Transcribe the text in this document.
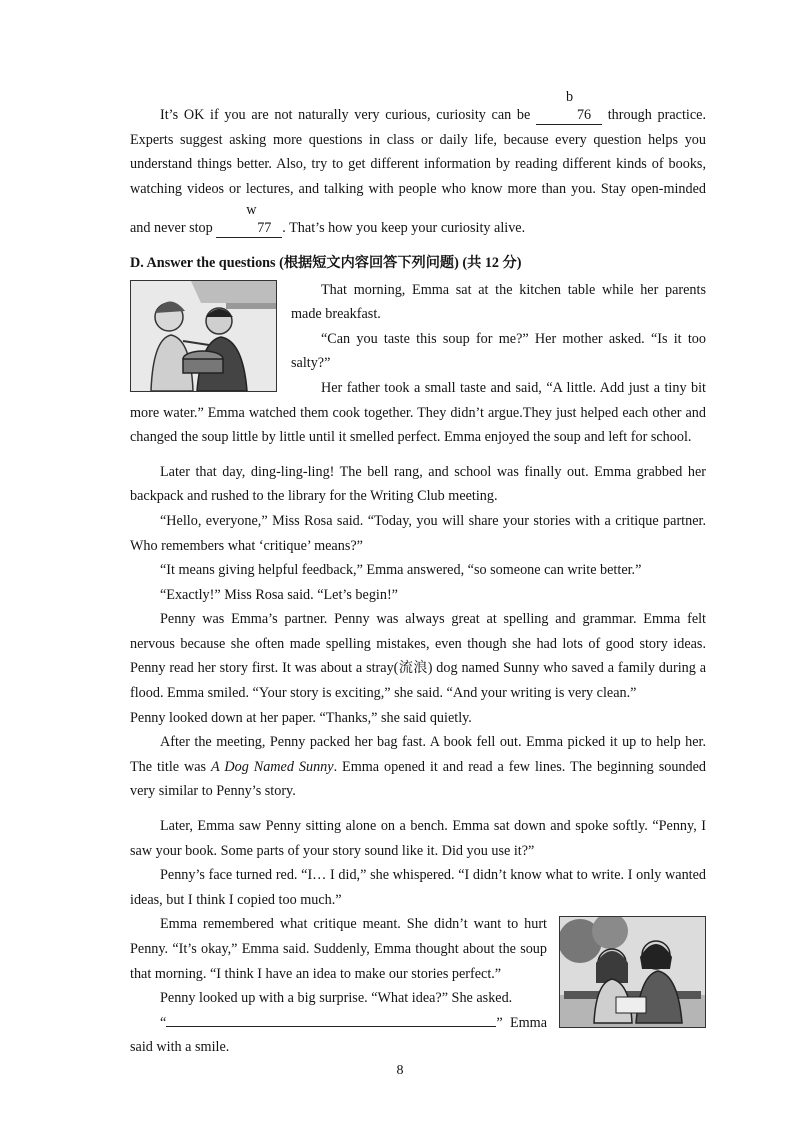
It’s OK if you are not naturally very curious, curiosity can be
b
76 through practice. Experts suggest asking more questions in class or daily life, because every question helps you understand things better. Also, try to get different information by reading different kinds of books, watching videos or lectures, and talking with people who know more than you. Stay open-minded and never stop
w
77 . That’s how you keep your curiosity alive.

D. Answer the questions (根据短文内容回答下列问题) (共 12 分)

That morning, Emma sat at the kitchen table while her parents made breakfast.

“Can you taste this soup for me?” Her mother asked. “Is it too salty?”

Her father took a small taste and said, “A little. Add just a tiny bit more water.” Emma watched them cook together. They didn’t argue.They just helped each other and changed the soup little by little until it smelled perfect. Emma enjoyed the soup and left for school.

Later that day, ding-ling-ling! The bell rang, and school was finally out. Emma grabbed her backpack and rushed to the library for the Writing Club meeting.

“Hello, everyone,” Miss Rosa said. “Today, you will share your stories with a critique partner. Who remembers what ‘critique’ means?”

“It means giving helpful feedback,” Emma answered, “so someone can write better.”

“Exactly!” Miss Rosa said. “Let’s begin!”

Penny was Emma’s partner. Penny was always great at spelling and grammar. Emma felt nervous because she often made spelling mistakes, even though she had lots of good story ideas. Penny read her story first. It was about a stray(流浪) dog named Sunny who saved a family during a flood. Emma smiled. “Your story is exciting,” she said. “And your writing is very clean.”

Penny looked down at her paper. “Thanks,” she said quietly.

After the meeting, Penny packed her bag fast. A book fell out. Emma picked it up to help her. The title was A Dog Named Sunny. Emma opened it and read a few lines. The beginning sounded very similar to Penny’s story.

Later, Emma saw Penny sitting alone on a bench. Emma sat down and spoke softly. “Penny, I saw your book. Some parts of your story sound like it. Did you use it?”

Penny’s face turned red. “I… I did,” she whispered. “I didn’t know what to write. I only wanted ideas, but I think I copied too much.”

Emma remembered what critique meant. She didn’t want to hurt Penny. “It’s okay,” Emma said. Suddenly, Emma thought about the soup that morning. “I think I have an idea to make our stories perfect.”

Penny looked up with a big surprise. “What idea?” She asked.

“	” Emma said with a smile.

8
